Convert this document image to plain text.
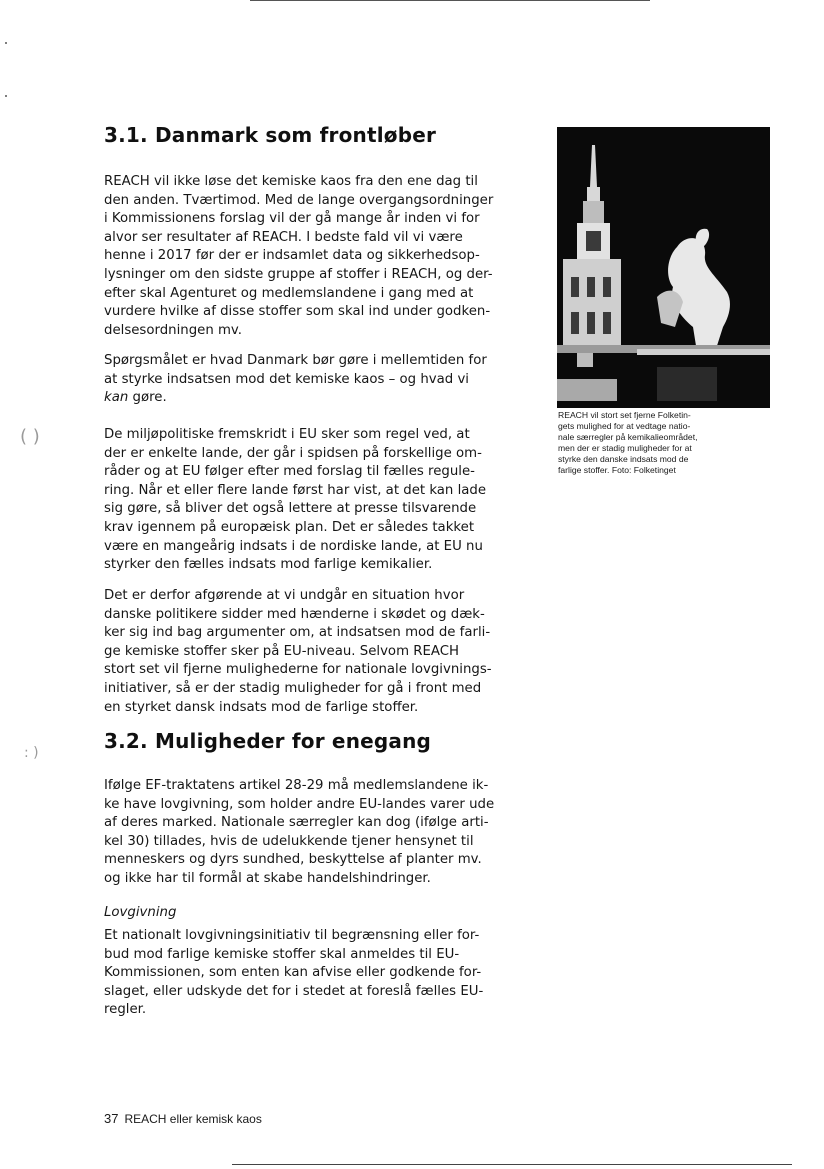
( )
: )
3.1. Danmark som frontløber

REACH vil ikke løse det kemiske kaos fra den ene dag til
den anden. Tværtimod. Med de lange overgangsordninger
i Kommissionens forslag vil der gå mange år inden vi for
alvor ser resultater af REACH. I bedste fald vil vi være
henne i 2017 før der er indsamlet data og sikkerhedsop-
lysninger om den sidste gruppe af stoffer i REACH, og der-
efter skal Agenturet og medlemslandene i gang med at
vurdere hvilke af disse stoffer som skal ind under godken-
delsesordningen mv.

Spørgsmålet er hvad Danmark bør gøre i mellemtiden for
at styrke indsatsen mod det kemiske kaos – og hvad vi
kan gøre.

De miljøpolitiske fremskridt i EU sker som regel ved, at
der er enkelte lande, der går i spidsen på forskellige om-
råder og at EU følger efter med forslag til fælles regule-
ring. Når et eller flere lande først har vist, at det kan lade
sig gøre, så bliver det også lettere at presse tilsvarende
krav igennem på europæisk plan. Det er således takket
være en mangeårig indsats i de nordiske lande, at EU nu
styrker den fælles indsats mod farlige kemikalier.

Det er derfor afgørende at vi undgår en situation hvor
danske politikere sidder med hænderne i skødet og dæk-
ker sig ind bag argumenter om, at indsatsen mod de farli-
ge kemiske stoffer sker på EU-niveau. Selvom REACH
stort set vil fjerne mulighederne for nationale lovgivnings-
initiativer, så er der stadig muligheder for gå i front med
en styrket dansk indsats mod de farlige stoffer.

3.2. Muligheder for enegang

Ifølge EF-traktatens artikel 28-29 må medlemslandene ik-
ke have lovgivning, som holder andre EU-landes varer ude
af deres marked. Nationale særregler kan dog (ifølge arti-
kel 30) tillades, hvis de udelukkende tjener hensynet til
menneskers og dyrs sundhed, beskyttelse af planter mv.
og ikke har til formål at skabe handelshindringer.

Lovgivning

Et nationalt lovgivningsinitiativ til begrænsning eller for-
bud mod farlige kemiske stoffer skal anmeldes til EU-
Kommissionen, som enten kan afvise eller godkende for-
slaget, eller udskyde det for i stedet at foreslå fælles EU-
regler.

REACH vil stort set fjerne Folketin-
gets mulighed for at vedtage natio-
nale særregler på kemikalieområdet,
men der er stadig muligheder for at
styrke den danske indsats mod de
farlige stoffer. Foto: Folketinget

37 REACH eller kemisk kaos
